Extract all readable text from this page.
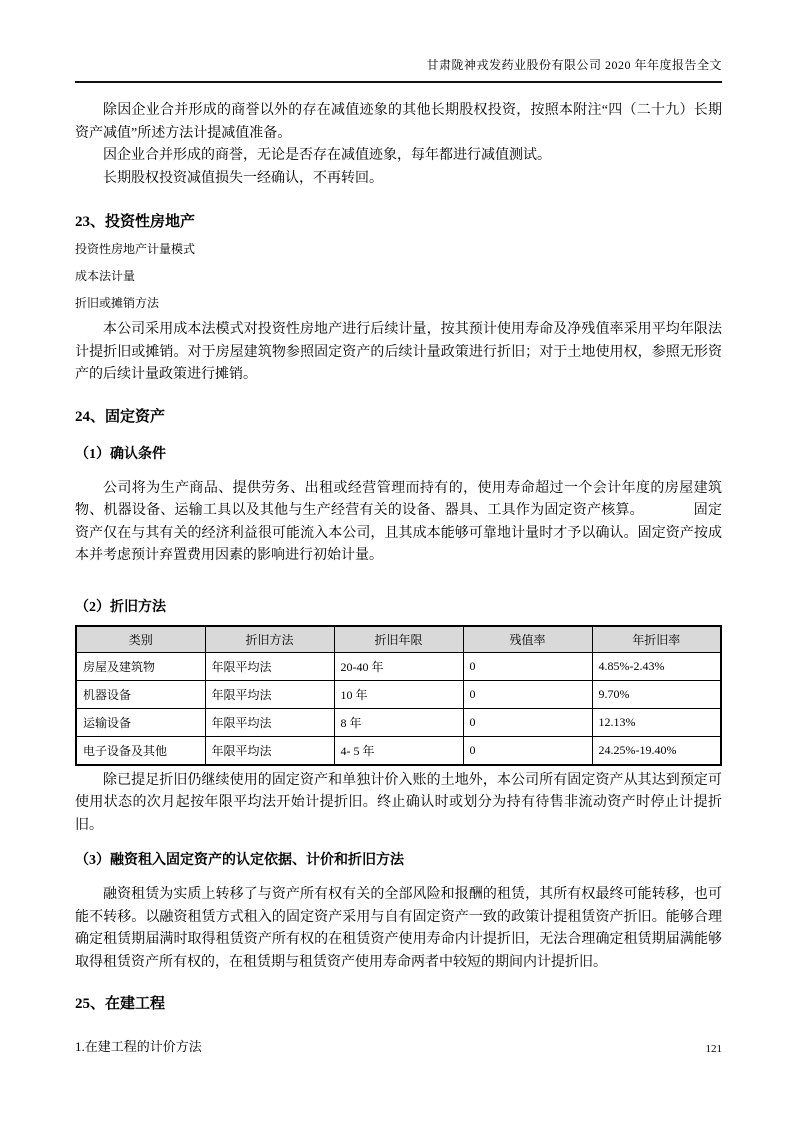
甘肃陇神戎发药业股份有限公司 2020 年年度报告全文

除因企业合并形成的商誉以外的存在减值迹象的其他长期股权投资，按照本附注“四（二十九）长期资产减值”所述方法计提减值准备。

因企业合并形成的商誉，无论是否存在减值迹象，每年都进行减值测试。

长期股权投资减值损失一经确认，不再转回。

23、投资性房地产
投资性房地产计量模式
成本法计量
折旧或摊销方法

本公司采用成本法模式对投资性房地产进行后续计量，按其预计使用寿命及净残值率采用平均年限法计提折旧或摊销。对于房屋建筑物参照固定资产的后续计量政策进行折旧；对于土地使用权，参照无形资产的后续计量政策进行摊销。

24、固定资产
（1）确认条件

公司将为生产商品、提供劳务、出租或经营管理而持有的，使用寿命超过一个会计年度的房屋建筑物、机器设备、运输工具以及其他与生产经营有关的设备、器具、工具作为固定资产核算。　　　　固定资产仅在与其有关的经济利益很可能流入本公司，且其成本能够可靠地计量时才予以确认。固定资产按成本并考虑预计弃置费用因素的影响进行初始计量。

（2）折旧方法
类别	折旧方法	折旧年限	残值率	年折旧率
房屋及建筑物	年限平均法	20-40 年	0	4.85%-2.43%
机器设备	年限平均法	10 年	0	9.70%
运输设备	年限平均法	8 年	0	12.13%
电子设备及其他	年限平均法	4- 5 年	0	24.25%-19.40%

除已提足折旧仍继续使用的固定资产和单独计价入账的土地外，本公司所有固定资产从其达到预定可使用状态的次月起按年限平均法开始计提折旧。终止确认时或划分为持有待售非流动资产时停止计提折旧。

（3）融资租入固定资产的认定依据、计价和折旧方法

融资租赁为实质上转移了与资产所有权有关的全部风险和报酬的租赁，其所有权最终可能转移，也可能不转移。以融资租赁方式租入的固定资产采用与自有固定资产一致的政策计提租赁资产折旧。能够合理确定租赁期届满时取得租赁资产所有权的在租赁资产使用寿命内计提折旧，无法合理确定租赁期届满能够取得租赁资产所有权的，在租赁期与租赁资产使用寿命两者中较短的期间内计提折旧。

25、在建工程
1.在建工程的计价方法	121
